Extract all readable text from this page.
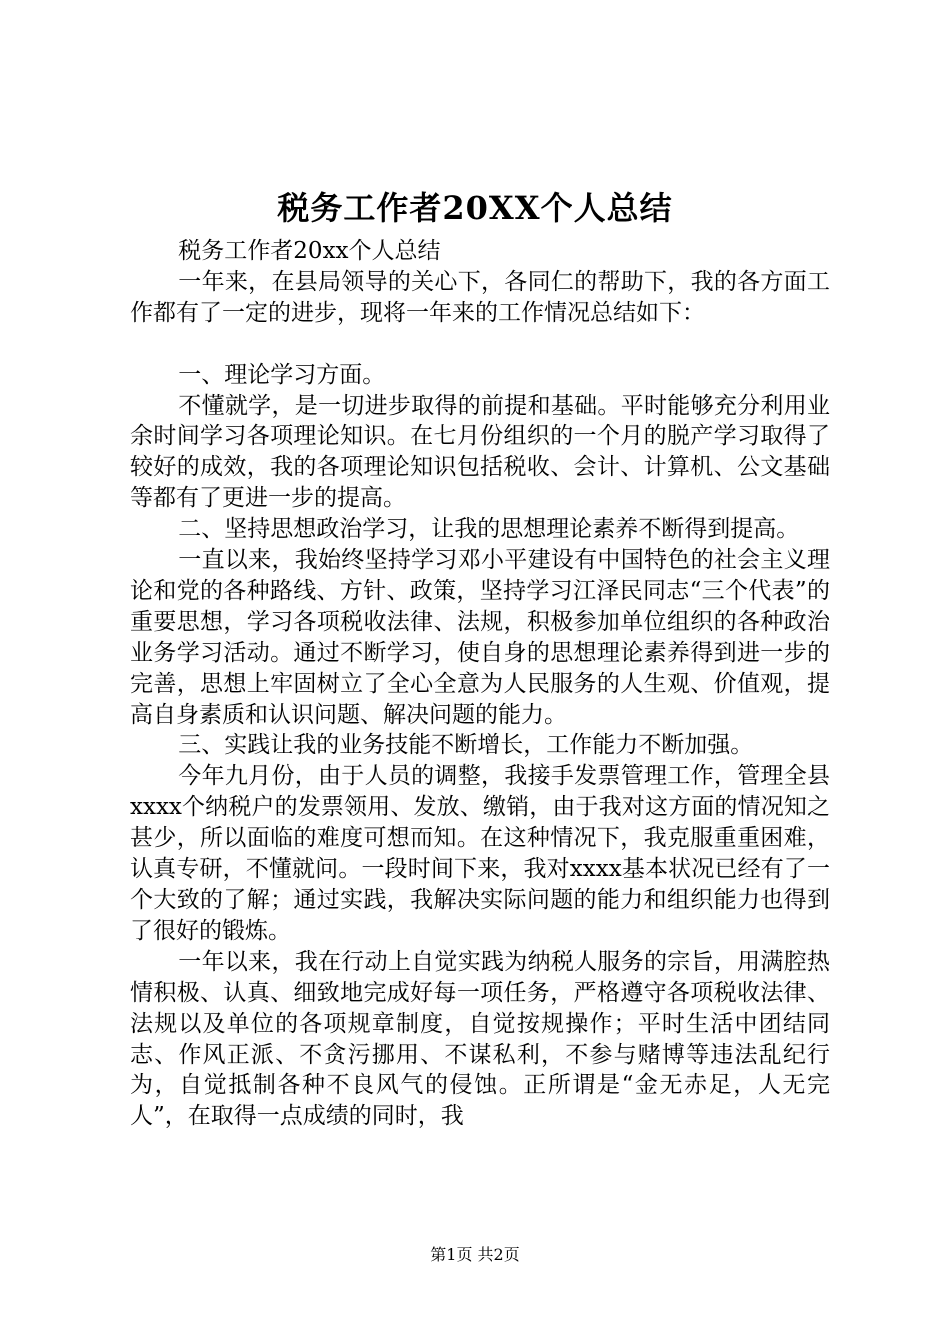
税务工作者20XX个人总结

税务工作者20xx个人总结

一年来，在县局领导的关心下，各同仁的帮助下，我的各方面工作都有了一定的进步，现将一年来的工作情况总结如下：

一、理论学习方面。

不懂就学，是一切进步取得的前提和基础。平时能够充分利用业余时间学习各项理论知识。在七月份组织的一个月的脱产学习取得了较好的成效，我的各项理论知识包括税收、会计、计算机、公文基础等都有了更进一步的提高。

二、坚持思想政治学习，让我的思想理论素养不断得到提高。

一直以来，我始终坚持学习邓小平建设有中国特色的社会主义理论和党的各种路线、方针、政策，坚持学习江泽民同志“三个代表”的重要思想，学习各项税收法律、法规，积极参加单位组织的各种政治业务学习活动。通过不断学习，使自身的思想理论素养得到进一步的完善，思想上牢固树立了全心全意为人民服务的人生观、价值观，提高自身素质和认识问题、解决问题的能力。

三、实践让我的业务技能不断增长，工作能力不断加强。

今年九月份，由于人员的调整，我接手发票管理工作，管理全县xxxx个纳税户的发票领用、发放、缴销，由于我对这方面的情况知之甚少，所以面临的难度可想而知。在这种情况下，我克服重重困难，认真专研，不懂就问。一段时间下来，我对xxxx基本状况已经有了一个大致的了解；通过实践，我解决实际问题的能力和组织能力也得到了很好的锻炼。

一年以来，我在行动上自觉实践为纳税人服务的宗旨，用满腔热情积极、认真、细致地完成好每一项任务，严格遵守各项税收法律、法规以及单位的各项规章制度，自觉按规操作；平时生活中团结同志、作风正派、不贪污挪用、不谋私利，不参与赌博等违法乱纪行为，自觉抵制各种不良风气的侵蚀。正所谓是“金无赤足，人无完人”，在取得一点成绩的同时，我

第1页 共2页
